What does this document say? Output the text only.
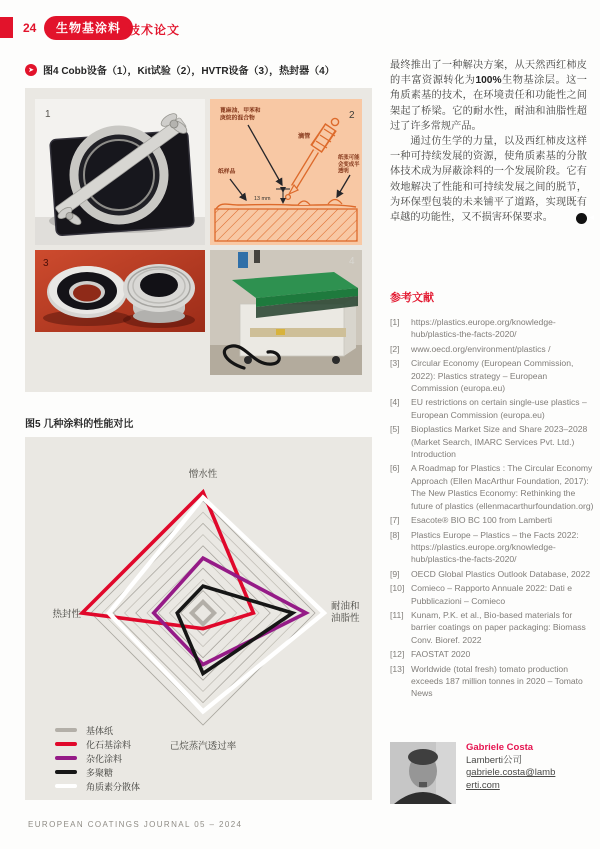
24	生物基涂料 技术论文
➤ 图4 Cobb设备（1），Kit试验（2），HVTR设备（3），热封器（4）
1	蓖麻油，甲苯和庚烷的混合物
滴管
纸样品
13 mm
纸张可能会变成半透明
2
3	4
图5 几种涂料的性能对比
憎水性
耐油和油脂性
己烷蒸汽透过率
热封性
基体纸
化石基涂料
杂化涂料
多聚糖
角质素分散体

最终推出了一种解决方案，从天然西红柿皮的丰富资源转化为100%生物基涂层。这一角质素基的技术，在环境责任和功能性之间架起了桥梁。它的耐水性，耐油和油脂性超过了许多常规产品。

通过仿生学的力量，以及西红柿皮这样一种可持续发展的资源，使角质素基的分散体技术成为屏蔽涂料的一个发展阶段。它有效地解决了性能和可持续发展之间的脱节，为环保型包装的未来铺平了道路，实现既有卓越的功能性，又不损害环保要求。	◀

参考文献
[1]	https://plastics.europe.org/knowledge-hub/plastics-the-facts-2020/
[2]	www.oecd.org/environment/plastics /
[3]	Circular Economy (European Commission, 2022): Plastics strategy – European Commission (europa.eu)
[4]	EU restrictions on certain single-use plastics – European Commission (europa.eu)
[5]	Bioplastics Market Size and Share 2023–2028 (Market Search, IMARC Services Pvt. Ltd.) Introduction
[6]	A Roadmap for Plastics : The Circular Economy Approach (Ellen MacArthur Foundation, 2017): The New Plastics Economy: Rethinking the future of plastics (ellenmacarthurfoundation.org)
[7]	Esacote® BIO BC 100 from Lamberti
[8]	Plastics Europe – Plastics – the Facts 2022: https://plastics.europe.org/knowledge-hub/plastics-the-facts-2020/
[9]	OECD Global Plastics Outlook Database, 2022
[10] Comieco – Rapporto Annuale 2022: Dati e Pubblicazioni – Comieco
[11] Kunam, P.K. et al., Bio-based materials for barrier coatings on paper packaging: Biomass Conv. Bioref. 2022
[12] FAOSTAT 2020
[13] Worldwide (total fresh) tomato production exceeds 187 million tonnes in 2020 – Tomato News
Gabriele Costa
Lamberti公司
gabriele.costa@lamberti.com
EUROPEAN COATINGS JOURNAL 05 – 2024
